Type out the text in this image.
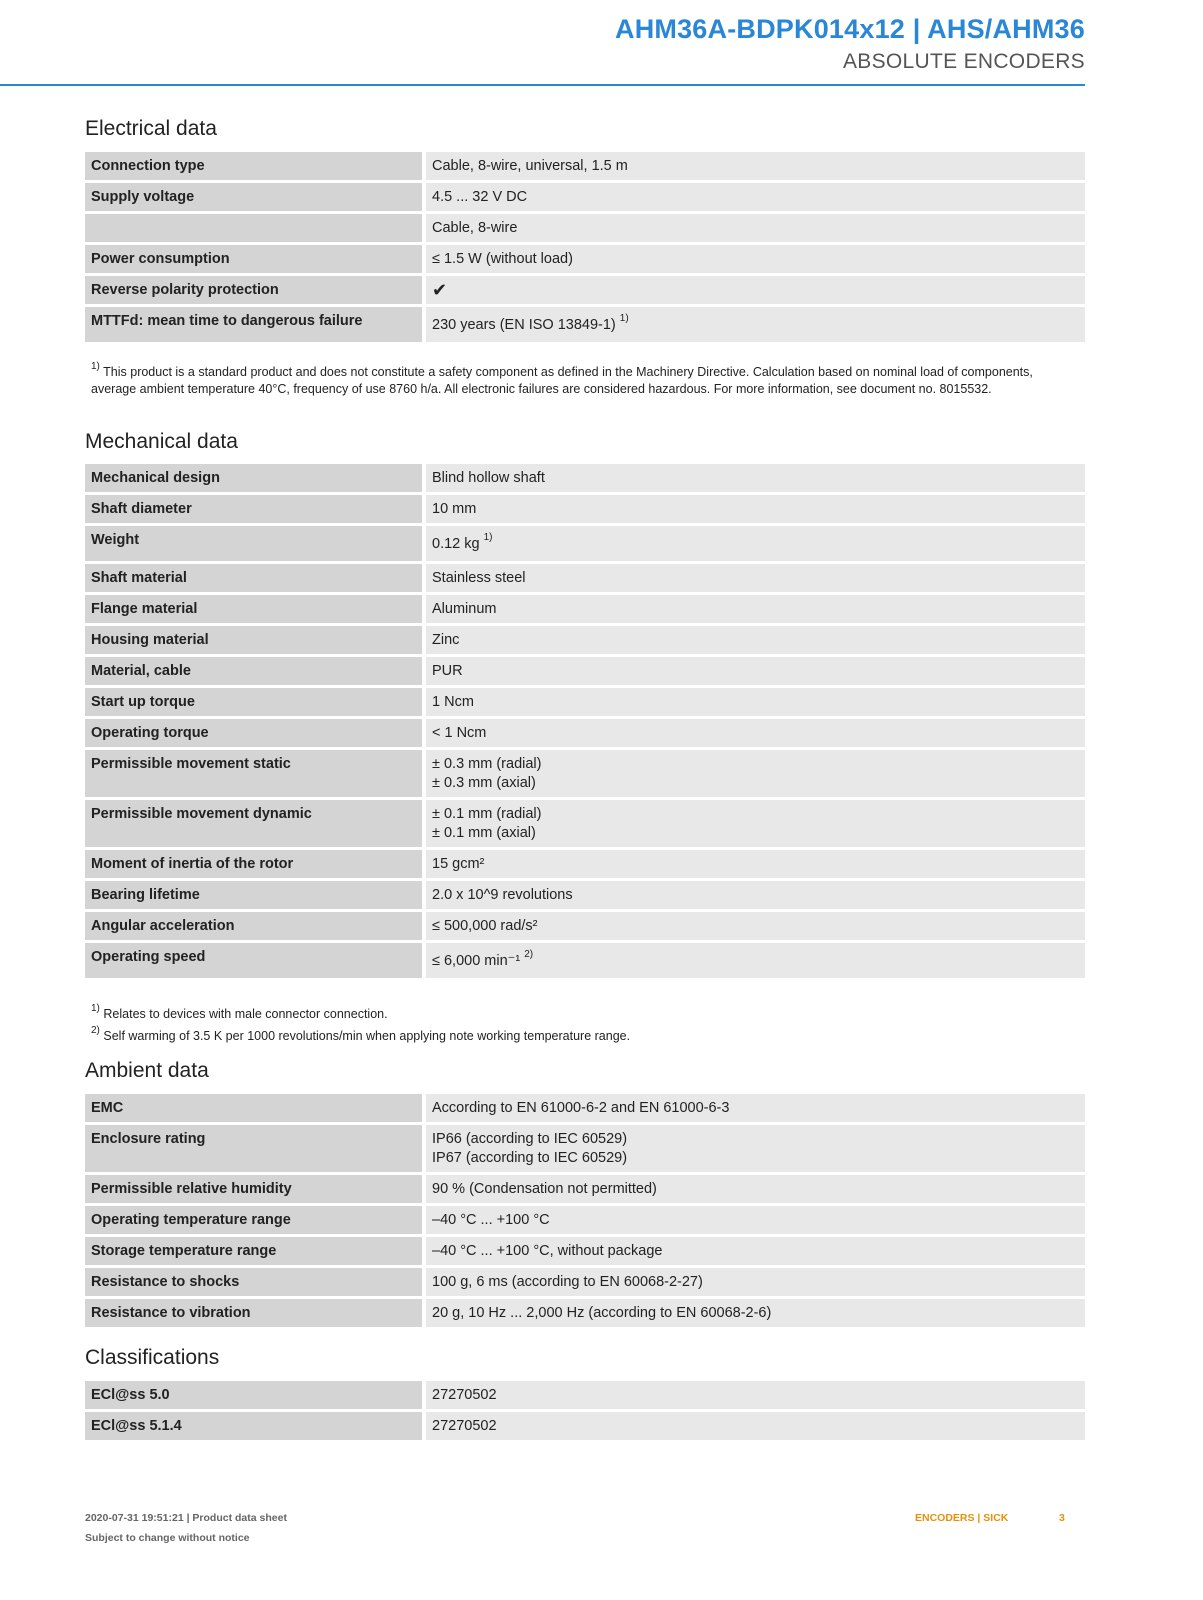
AHM36A-BDPK014x12 | AHS/AHM36
ABSOLUTE ENCODERS
Electrical data
Connection type	Cable, 8-wire, universal, 1.5 m
Supply voltage	4.5 ... 32 V DC
	Cable, 8-wire
Power consumption	≤ 1.5 W (without load)
Reverse polarity protection	✔
MTTFd: mean time to dangerous failure	230 years (EN ISO 13849-1) $^{1)}$
$^{1)}$ This product is a standard product and does not constitute a safety component as defined in the Machinery Directive. Calculation based on nominal load of components, average ambient temperature 40°C, frequency of use 8760 h/a. All electronic failures are considered hazardous. For more information, see document no. 8015532.
Mechanical data
Mechanical design	Blind hollow shaft
Shaft diameter	10 mm
Weight	0.12 kg $^{1)}$
Shaft material	Stainless steel
Flange material	Aluminum
Housing material	Zinc
Material, cable	PUR
Start up torque	1 Ncm
Operating torque	< 1 Ncm
Permissible movement static	± 0.3 mm (radial)
± 0.3 mm (axial)

Permissible movement dynamic	± 0.1 mm (radial)
± 0.1 mm (axial)

Moment of inertia of the rotor	15 gcm²
Bearing lifetime	2.0 x 10^9 revolutions
Angular acceleration	≤ 500,000 rad/s²
Operating speed	≤ 6,000 min⁻¹ $^{2)}$
$^{1)}$ Relates to devices with male connector connection.
$^{2)}$ Self warming of 3.5 K per 1000 revolutions/min when applying note working temperature range.
Ambient data
EMC	According to EN 61000-6-2 and EN 61000-6-3
Enclosure rating	IP66 (according to IEC 60529)
IP67 (according to IEC 60529)

Permissible relative humidity	90 % (Condensation not permitted)
Operating temperature range	–40 °C ... +100 °C
Storage temperature range	–40 °C ... +100 °C, without package
Resistance to shocks	100 g, 6 ms (according to EN 60068-2-27)
Resistance to vibration	20 g, 10 Hz ... 2,000 Hz (according to EN 60068-2-6)
Classifications
ECl@ss 5.0	27270502
ECl@ss 5.1.4	27270502
2020-07-31 19:51:21 | Product data sheet
Subject to change without notice
ENCODERS | SICK	3
